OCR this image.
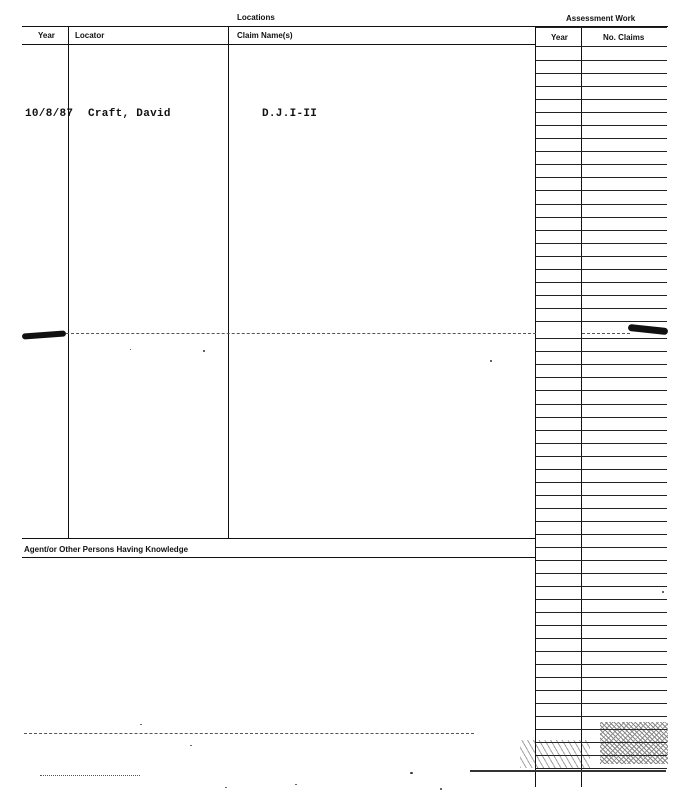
Locations	Assessment Work
Year	Locator	Claim Name(s)	Year	No. Claims
10/8/87 Craft, David	D.J.I-II
Agent/or Other Persons Having Knowledge
